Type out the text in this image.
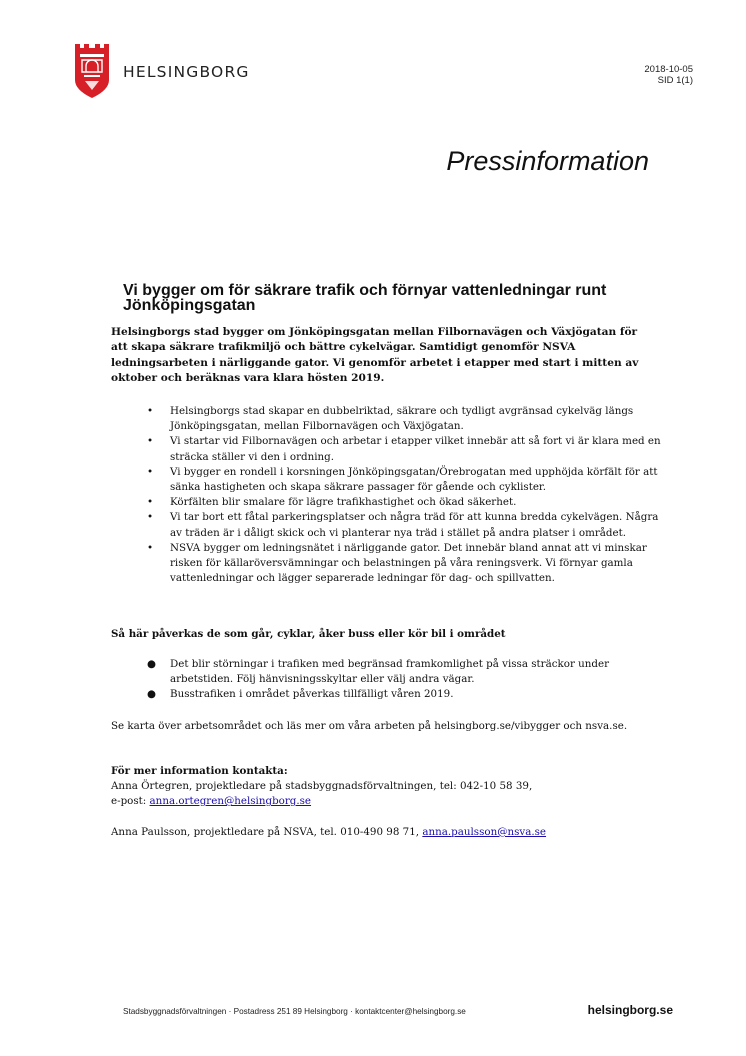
HELSINGBORG	2018-10-05
SID 1(1)
Pressinformation
Vi bygger om för säkrare trafik och förnyar vattenledningar runt Jönköpingsgatan
Helsingborgs stad bygger om Jönköpingsgatan mellan Filbornavägen och Växjögatan för att skapa säkrare trafikmiljö och bättre cykelvägar. Samtidigt genomför NSVA ledningsarbeten i närliggande gator. Vi genomför arbetet i etapper med start i mitten av oktober och beräknas vara klara hösten 2019.
• Helsingborgs stad skapar en dubbelriktad, säkrare och tydligt avgränsad cykelväg längs Jönköpingsgatan, mellan Filbornavägen och Växjögatan.
• Vi startar vid Filbornavägen och arbetar i etapper vilket innebär att så fort vi är klara med en sträcka ställer vi den i ordning.
• Vi bygger en rondell i korsningen Jönköpingsgatan/Örebrogatan med upphöjda körfält för att sänka hastigheten och skapa säkrare passager för gående och cyklister.
• Körfälten blir smalare för lägre trafikhastighet och ökad säkerhet.
• Vi tar bort ett fåtal parkeringsplatser och några träd för att kunna bredda cykelvägen. Några av träden är i dåligt skick och vi planterar nya träd i stället på andra platser i området.
• NSVA bygger om ledningsnätet i närliggande gator. Det innebär bland annat att vi minskar risken för källaröversvämningar och belastningen på våra reningsverk. Vi förnyar gamla vattenledningar och lägger separerade ledningar för dag- och spillvatten.
Så här påverkas de som går, cyklar, åker buss eller kör bil i området
● Det blir störningar i trafiken med begränsad framkomlighet på vissa sträckor under arbetstiden. Följ hänvisningsskyltar eller välj andra vägar.
● Busstrafiken i området påverkas tillfälligt våren 2019.
Se karta över arbetsområdet och läs mer om våra arbeten på helsingborg.se/vibygger och nsva.se.
För mer information kontakta:
Anna Örtegren, projektledare på stadsbyggnadsförvaltningen, tel: 042-10 58 39,
e-post: anna.ortegren@helsingborg.se
Anna Paulsson, projektledare på NSVA, tel. 010-490 98 71, anna.paulsson@nsva.se
Stadsbyggnadsförvaltningen · Postadress 251 89 Helsingborg · kontaktcenter@helsingborg.se	helsingborg.se
